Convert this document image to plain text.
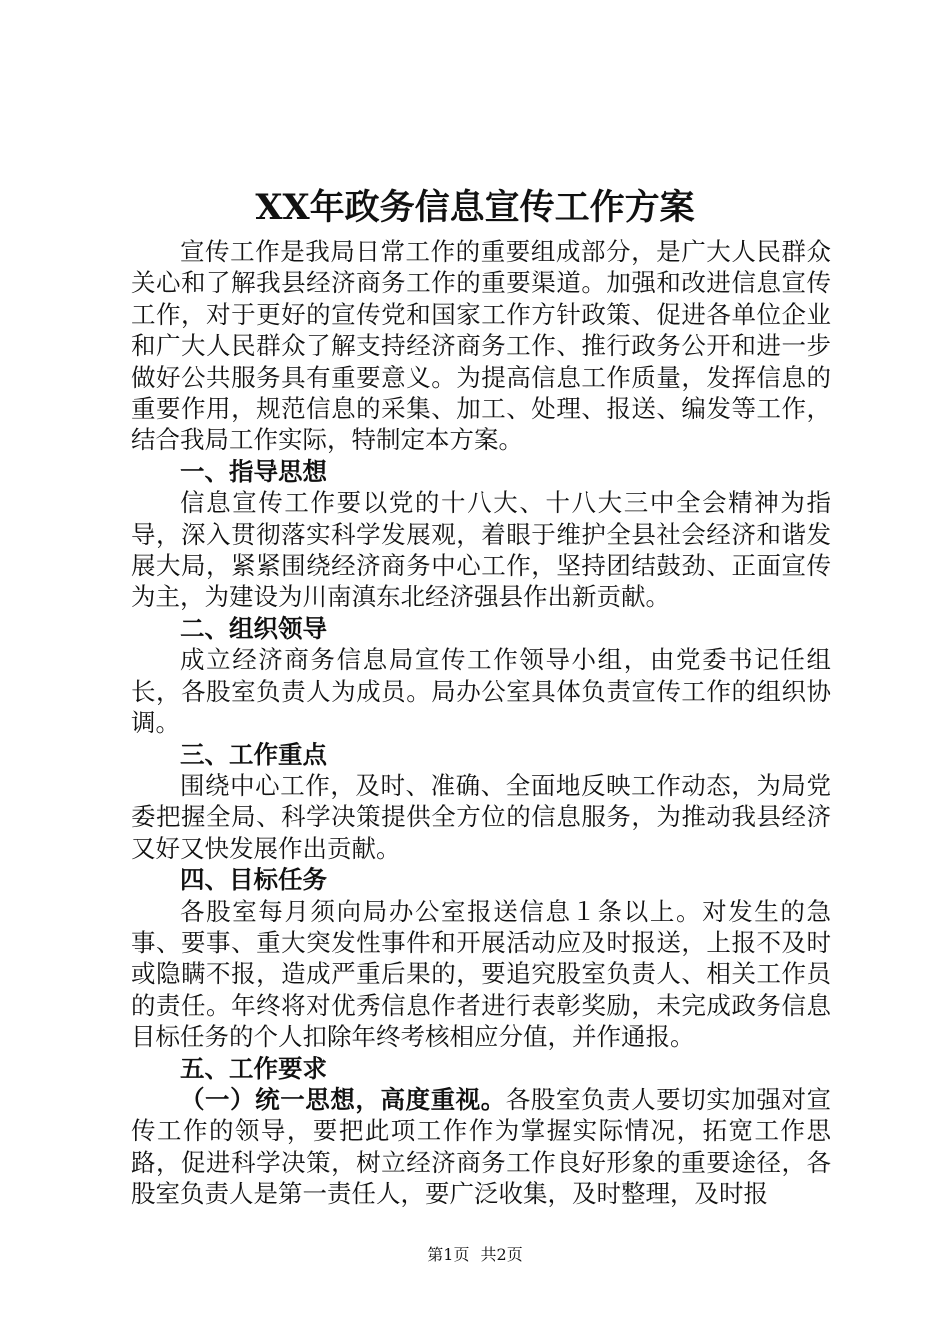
XX年政务信息宣传工作方案

宣传工作是我局日常工作的重要组成部分，是广大人民群众关心和了解我县经济商务工作的重要渠道。加强和改进信息宣传工作，对于更好的宣传党和国家工作方针政策、促进各单位企业和广大人民群众了解支持经济商务工作、推行政务公开和进一步做好公共服务具有重要意义。为提高信息工作质量，发挥信息的重要作用，规范信息的采集、加工、处理、报送、编发等工作，结合我局工作实际，特制定本方案。

一、指导思想

信息宣传工作要以党的十八大、十八大三中全会精神为指导，深入贯彻落实科学发展观，着眼于维护全县社会经济和谐发展大局，紧紧围绕经济商务中心工作，坚持团结鼓劲、正面宣传为主，为建设为川南滇东北经济强县作出新贡献。

二、组织领导

成立经济商务信息局宣传工作领导小组，由党委书记任组长，各股室负责人为成员。局办公室具体负责宣传工作的组织协调。

三、工作重点

围绕中心工作，及时、准确、全面地反映工作动态，为局党委把握全局、科学决策提供全方位的信息服务，为推动我县经济又好又快发展作出贡献。

四、目标任务

各股室每月须向局办公室报送信息１条以上。对发生的急事、要事、重大突发性事件和开展活动应及时报送，上报不及时或隐瞒不报，造成严重后果的，要追究股室负责人、相关工作员的责任。年终将对优秀信息作者进行表彰奖励，未完成政务信息目标任务的个人扣除年终考核相应分值，并作通报。

五、工作要求

（一）统一思想，高度重视。各股室负责人要切实加强对宣传工作的领导，要把此项工作作为掌握实际情况，拓宽工作思路，促进科学决策，树立经济商务工作良好形象的重要途径，各股室负责人是第一责任人，要广泛收集，及时整理，及时报

第1页 共2页
